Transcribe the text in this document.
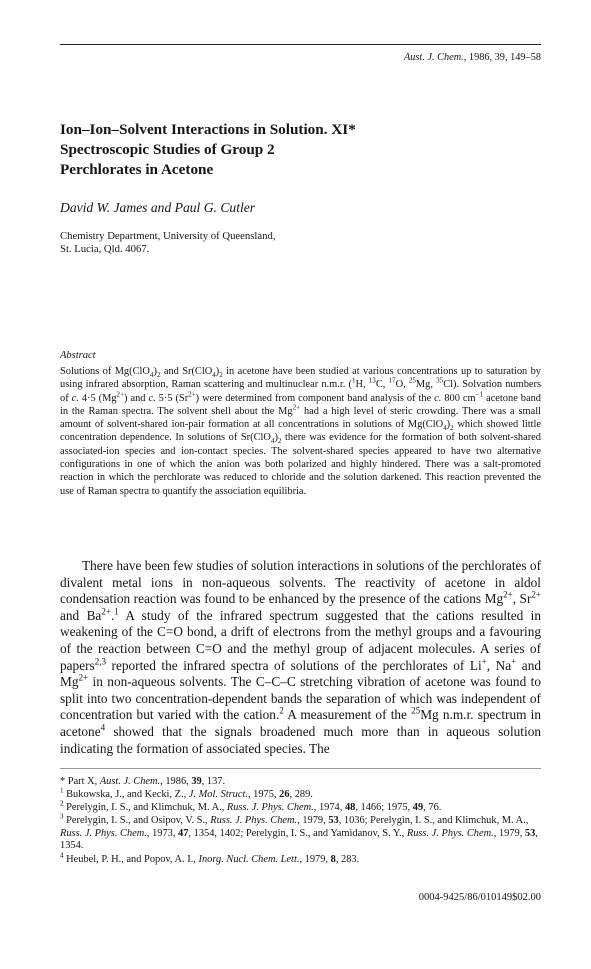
Aust. J. Chem., 1986, 39, 149–58
Ion–Ion–Solvent Interactions in Solution. XI*
Spectroscopic Studies of Group 2
Perchlorates in Acetone
David W. James and Paul G. Cutler
Chemistry Department, University of Queensland,
St. Lucia, Qld. 4067.
Abstract
Solutions of $Mg(ClO_4)_2$ and $Sr(ClO_4)_2$ in acetone have been studied at various concentrations up to saturation by using infrared absorption, Raman scattering and multinuclear n.m.r. ($^1$H, $^{13}$C, $^{17}$O, $^{25}$Mg, $^{35}$Cl). Solvation numbers of c. 4·5 $(Mg^{2+})$ and c. 5·5 $(Sr^{2+})$ were determined from component band analysis of the c. 800 $cm^{-1}$ acetone band in the Raman spectra. The solvent shell about the $Mg^{2+}$ had a high level of steric crowding. There was a small amount of solvent-shared ion-pair formation at all concentrations in solutions of $Mg(ClO_4)_2$ which showed little concentration dependence. In solutions of $Sr(ClO_4)_2$ there was evidence for the formation of both solvent-shared associated-ion species and ion-contact species. The solvent-shared species appeared to have two alternative configurations in one of which the anion was both polarized and highly hindered. There was a salt-promoted reaction in which the perchlorate was reduced to chloride and the solution darkened. This reaction prevented the use of Raman spectra to quantify the association equilibria.

There have been few studies of solution interactions in solutions of the perchlorates of divalent metal ions in non-aqueous solvents. The reactivity of acetone in aldol condensation reaction was found to be enhanced by the presence of the cations $Mg^{2+}$, $Sr^{2+}$ and $Ba^{2+}.^1$ A study of the infrared spectrum suggested that the cations resulted in weakening of the C=O bond, a drift of electrons from the methyl groups and a favouring of the reaction between C=O and the methyl group of adjacent molecules. A series of papers$^{2,3}$ reported the infrared spectra of solutions of the perchlorates of Li+, Na+ and $Mg^{2+}$ in non-aqueous solvents. The C–C–C stretching vibration of acetone was found to split into two concentration-dependent bands the separation of which was independent of concentration but varied with the cation.$^2$ A measurement of the $^{25}$Mg n.m.r. spectrum in acetone$^4$ showed that the signals broadened much more than in aqueous solution indicating the formation of associated species. The

* Part X, Aust. J. Chem., 1986, 39, 137.

$^1$ Bukowska, J., and Kecki, Z., J. Mol. Struct., 1975, 26, 289.

$^2$ Perelygin, I. S., and Klimchuk, M. A., Russ. J. Phys. Chem., 1974, 48, 1466; 1975, 49, 76.

$^3$ Perelygin, I. S., and Osipov, V. S., Russ. J. Phys. Chem., 1979, 53, 1036; Perelygin, I. S., and Klimchuk, M. A., Russ. J. Phys. Chem., 1973, 47, 1354, 1402; Perelygin, I. S., and Yamidanov, S. Y., Russ. J. Phys. Chem., 1979, 53, 1354.

$^4$ Heubel, P. H., and Popov, A. I., Inorg. Nucl. Chem. Lett., 1979, 8, 283.

0004-9425/86/010149$02.00
